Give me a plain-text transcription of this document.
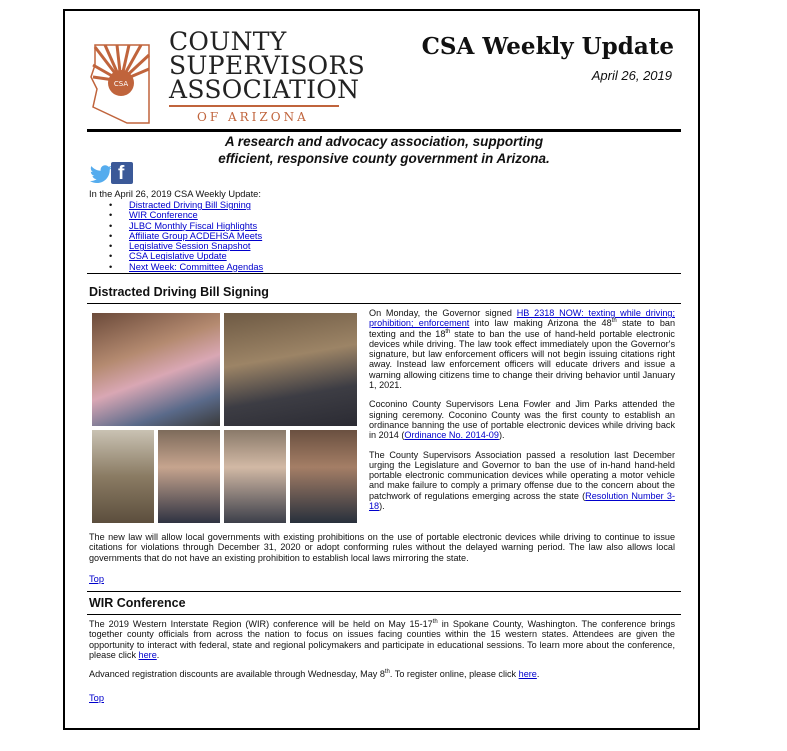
CSA
COUNTY
SUPERVISORS
ASSOCIATION
OF ARIZONA
CSA Weekly Update
April 26, 2019
A research and advocacy association, supporting
efficient, responsive county government in Arizona.
f
In the April 26, 2019 CSA Weekly Update:
• Distracted Driving Bill Signing
• WIR Conference
• JLBC Monthly Fiscal Highlights
• Affiliate Group ACDEHSA Meets
• Legislative Session Snapshot
• CSA Legislative Update
• Next Week: Committee Agendas
Distracted Driving Bill Signing

On Monday, the Governor signed HB 2318 NOW: texting while driving; prohibition; enforcement into law making Arizona the 48th state to ban texting and the 18th state to ban the use of hand-held portable electronic devices while driving. The law took effect immediately upon the Governor's signature, but law enforcement officers will not begin issuing citations right away. Instead law enforcement officers will educate drivers and issue a warning allowing citizens time to change their driving behavior until January 1, 2021.

Coconino County Supervisors Lena Fowler and Jim Parks attended the signing ceremony. Coconino County was the first county to establish an ordinance banning the use of portable electronic devices while driving back in 2014 (Ordinance No. 2014-09).

The County Supervisors Association passed a resolution last December urging the Legislature and Governor to ban the use of in-hand hand-held portable electronic communication devices while operating a motor vehicle and make failure to comply a primary offense due to the concern about the patchwork of regulations emerging across the state (Resolution Number 3-18).

The new law will allow local governments with existing prohibitions on the use of portable electronic devices while driving to continue to issue citations for violations through December 31, 2020 or adopt conforming rules without the delayed warning period. The law also allows local governments that do not have an existing prohibition to establish local laws mirroring the state.

Top
WIR Conference

The 2019 Western Interstate Region (WIR) conference will be held on May 15-17th in Spokane County, Washington. The conference brings together county officials from across the nation to focus on issues facing counties within the 15 western states. Attendees are given the opportunity to interact with federal, state and regional policymakers and participate in educational sessions. To learn more about the conference, please click here.

Advanced registration discounts are available through Wednesday, May 8th. To register online, please click here.

Top
